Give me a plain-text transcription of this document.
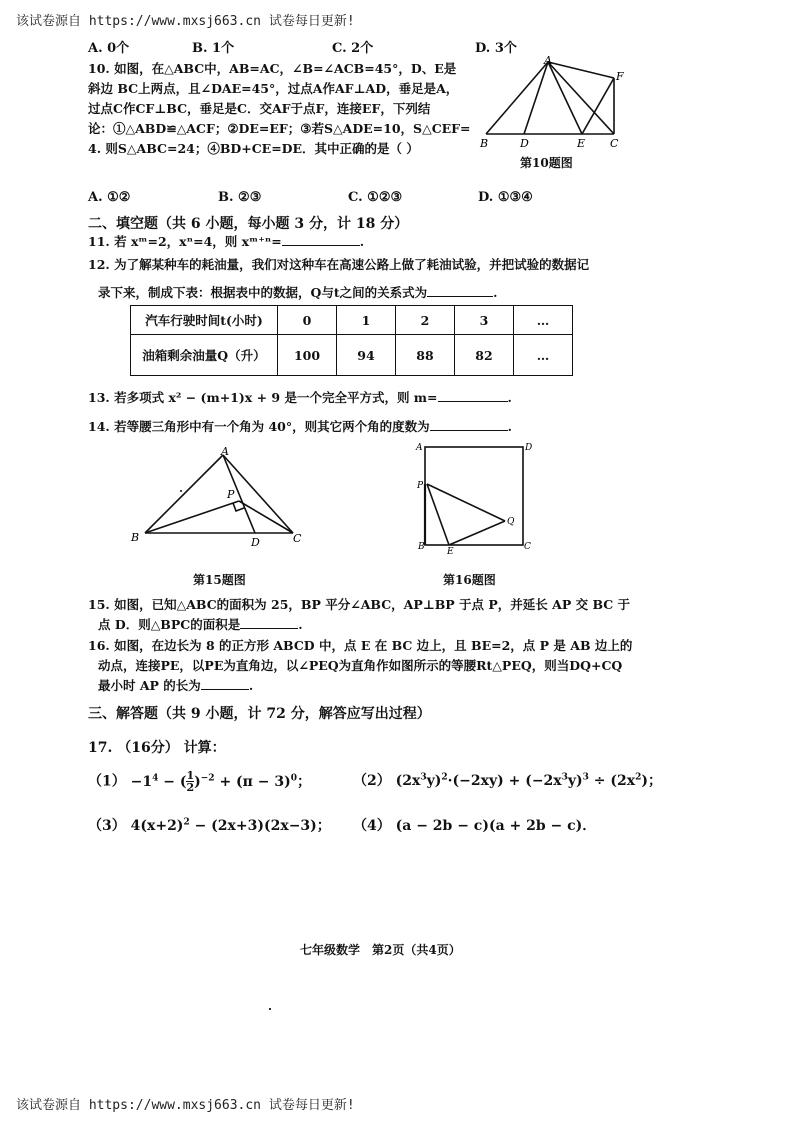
该试卷源自 https://www.mxsj663.cn 试卷每日更新!
A. 0个	B. 1个	C. 2个	D. 3个
10. 如图，在△ABC中，AB=AC，∠B=∠ACB=45°，D、E是
斜边 BC上两点，且∠DAE=45°，过点A作AF⊥AD，垂足是A，
过点C作CF⊥BC，垂足是C．交AF于点F，连接EF，下列结
论：①△ABD≌△ACF；②DE=EF；③若S△ADE=10，S△CEF=
4. 则S△ABC=24；④BD+CE=DE．其中正确的是（ ）
A
B	D	E C
F
第10题图
A. ①②	B. ②③	C. ①②③	D. ①③④
二、填空题（共 6 小题，每小题 3 分，计 18 分）
11. 若 xᵐ=2，xⁿ=4，则 xᵐ⁺ⁿ=	.
12. 为了解某种车的耗油量，我们对这种车在高速公路上做了耗油试验，并把试验的数据记
录下来，制成下表：根据表中的数据，Q与t之间的关系式为	.
汽车行驶时间t(小时)	0	1	2	3	…
油箱剩余油量Q（升）	100	94	88	82	…
13. 若多项式 x² − (m+1)x + 9 是一个完全平方式，则 m=	.
14. 若等腰三角形中有一个角为 40°，则其它两个角的度数为	.
A
P
B	D	C
第15题图
A	D
P
Q
B E	C
第16题图
15. 如图，已知△ABC的面积为 25，BP 平分∠ABC，AP⊥BP 于点 P，并延长 AP 交 BC 于
点 D．则△BPC的面积是	.
16. 如图，在边长为 8 的正方形 ABCD 中，点 E 在 BC 边上，且 BE=2，点 P 是 AB 边上的
动点，连接PE，以PE为直角边，以∠PEQ为直角作如图所示的等腰Rt△PEQ，则当DQ+CQ
最小时 AP 的长为	.
三、解答题（共 9 小题，计 72 分，解答应写出过程）
17. （16分） 计算：
$(1) -1^4$ − ( $\frac{1}{2} )^{-2} + (\pi - 3)^0$；	（2） $(2x^3y)^2\cdot(-2xy) + (-2x^3y)^3 \div (2x^2)$；
（3） $4(x+2)^2 - (2x+3)(2x-3)$； （4） (a − 2b − c)(a + 2b − c)．
七年级数学　第2页（共4页）
该试卷源自 https://www.mxsj663.cn 试卷每日更新!
